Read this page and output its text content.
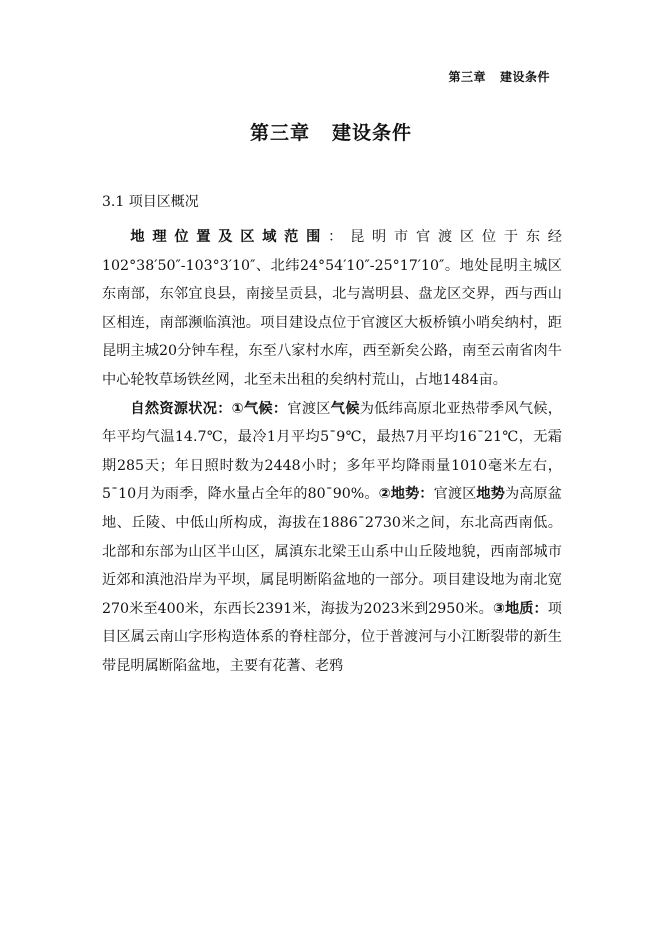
第三章 建设条件
第三章 建设条件
3.1 项目区概况

地理位置及区域范围：昆明市官渡区位于东经102°38′50″-103°3′10″、北纬24°54′10″-25°17′10″。地处昆明主城区东南部，东邻宜良县，南接呈贡县，北与嵩明县、盘龙区交界，西与西山区相连，南部濒临滇池。项目建设点位于官渡区大板桥镇小哨矣纳村，距昆明主城20分钟车程，东至八家村水库，西至新矣公路，南至云南省肉牛中心轮牧草场铁丝网，北至未出租的矣纳村荒山，占地1484亩。

自然资源状况：①气候：官渡区气候为低纬高原北亚热带季风气候，年平均气温14.7℃，最冷1月平均5¯9℃，最热7月平均16¯21℃，无霜期285天；年日照时数为2448小时；多年平均降雨量1010毫米左右，5¯10月为雨季，降水量占全年的80¯90%。②地势：官渡区地势为高原盆地、丘陵、中低山所构成，海拔在1886¯2730米之间，东北高西南低。北部和东部为山区半山区，属滇东北梁王山系中山丘陵地貌，西南部城市近郊和滇池沿岸为平坝，属昆明断陷盆地的一部分。项目建设地为南北宽270米至400米，东西长2391米，海拔为2023米到2950米。③地质：项目区属云南山字形构造体系的脊柱部分，位于普渡河与小江断裂带的新生带昆明属断陷盆地，主要有花蓍、老鸦
